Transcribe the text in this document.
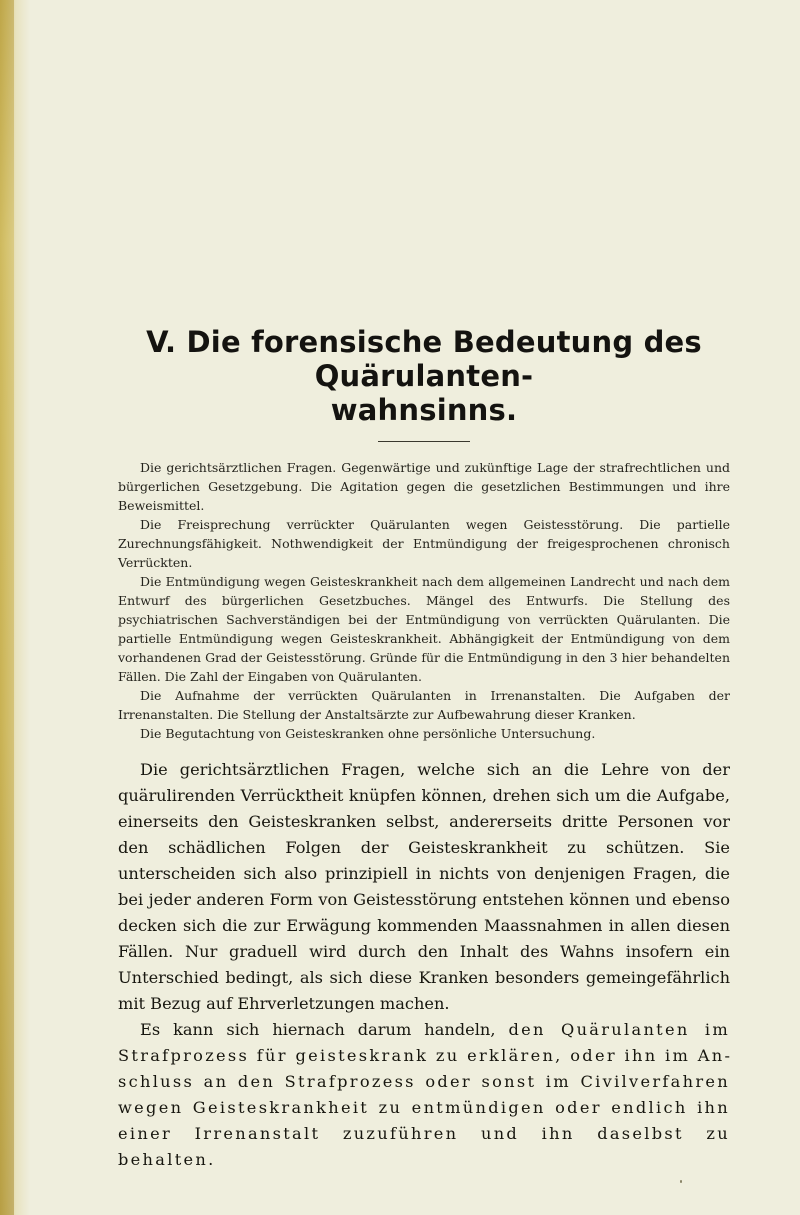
V. Die forensische Bedeutung des Quärulanten-
wahnsinns.

Die gerichtsärztlichen Fragen. Gegenwärtige und zukünftige Lage der strafrechtlichen und bürgerlichen Gesetzgebung. Die Agitation gegen die gesetzlichen Bestimmungen und ihre Beweismittel.

Die Freisprechung verrückter Quärulanten wegen Geistesstörung. Die partielle Zurechnungsfähigkeit. Nothwendigkeit der Entmündigung der freigesprochenen chronisch Verrückten.

Die Entmündigung wegen Geisteskrankheit nach dem allgemeinen Landrecht und nach dem Entwurf des bürgerlichen Gesetzbuches. Mängel des Entwurfs. Die Stellung des psychiatrischen Sachverständigen bei der Entmündigung von verrückten Quärulanten. Die partielle Entmündigung wegen Geisteskrankheit. Abhängigkeit der Entmündigung von dem vorhandenen Grad der Geistesstörung. Gründe für die Entmündigung in den 3 hier behandelten Fällen. Die Zahl der Eingaben von Quärulanten.

Die Aufnahme der verrückten Quärulanten in Irrenanstalten. Die Aufgaben der Irrenanstalten. Die Stellung der Anstaltsärzte zur Aufbewahrung dieser Kranken.

Die Begutachtung von Geisteskranken ohne persönliche Untersuchung.

Die gerichtsärztlichen Fragen, welche sich an die Lehre von der quärulirenden Verrücktheit knüpfen können, drehen sich um die Aufgabe, einerseits den Geisteskranken selbst, andererseits dritte Personen vor den schädlichen Folgen der Geisteskrankheit zu schützen. Sie unterscheiden sich also prinzipiell in nichts von denjenigen Fragen, die bei jeder anderen Form von Geistesstörung entstehen können und ebenso decken sich die zur Erwägung kommenden Maassnahmen in allen diesen Fällen. Nur graduell wird durch den Inhalt des Wahns insofern ein Unterschied bedingt, als sich diese Kranken besonders gemeingefährlich mit Bezug auf Ehrverletzungen machen.

Es kann sich hiernach darum handeln, den Quärulanten im Strafprozess für geisteskrank zu erklären, oder ihn im Anschluss an den Strafprozess oder sonst im Civilverfahren wegen Geisteskrankheit zu entmündigen oder endlich ihn einer Irrenanstalt zuzuführen und ihn daselbst zu behalten.
